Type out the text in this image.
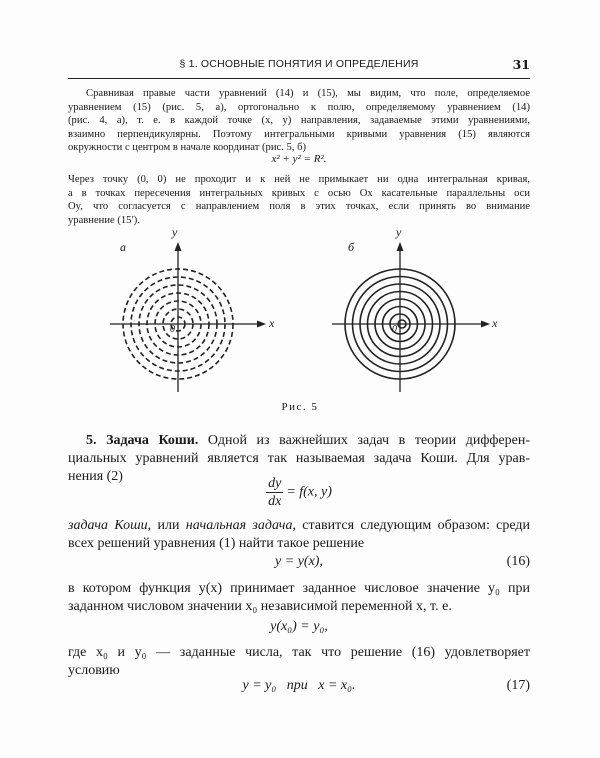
§ 1. ОСНОВНЫЕ ПОНЯТИЯ И ОПРЕДЕЛЕНИЯ	31
Сравнивая правые части уравнений (14) и (15), мы видим, что поле, определяемое
уравнением (15) (рис. 5, а), ортогонально к полю, определяемому уравнением (14)
(рис. 4, а), т. е. в каждой точке (x, y) направления, задаваемые этими уравнениями,
взаимно перпендикулярны. Поэтому интегральными кривыми уравнения (15) являются
окружности с центром в начале координат (рис. 5, б)
x² + y² = R².
Через точку (0, 0) не проходит и к ней не примыкает ни одна интегральная кривая,
а в точках пересечения интегральных кривых с осью Ox касательные параллельны оси
Oy, что согласуется с направлением поля в этих точках, если принять во внимание
уравнение (15′).
а
y
x
0
б
y
x
0
Рис. 5
5. Задача Коши. Одной из важнейших задач в теории дифферен-
циальных уравнений является так называемая задача Коши. Для урав-
нения (2)	$\frac{dy}{dx} = f(x$, y)
задача Коши, или начальная задача, ставится следующим образом: среди
всех решений уравнения (1) найти такое решение
y = y(x),	(16)
в котором функция y(x) принимает заданное числовое значение y₀ при
заданном числовом значении x₀ независимой переменной x, т. е.
y(x₀) = y₀,
где x₀ и y₀ — заданные числа, так что решение (16) удовлетворяет
условию
y = y₀   при   x = x₀.	(17)
